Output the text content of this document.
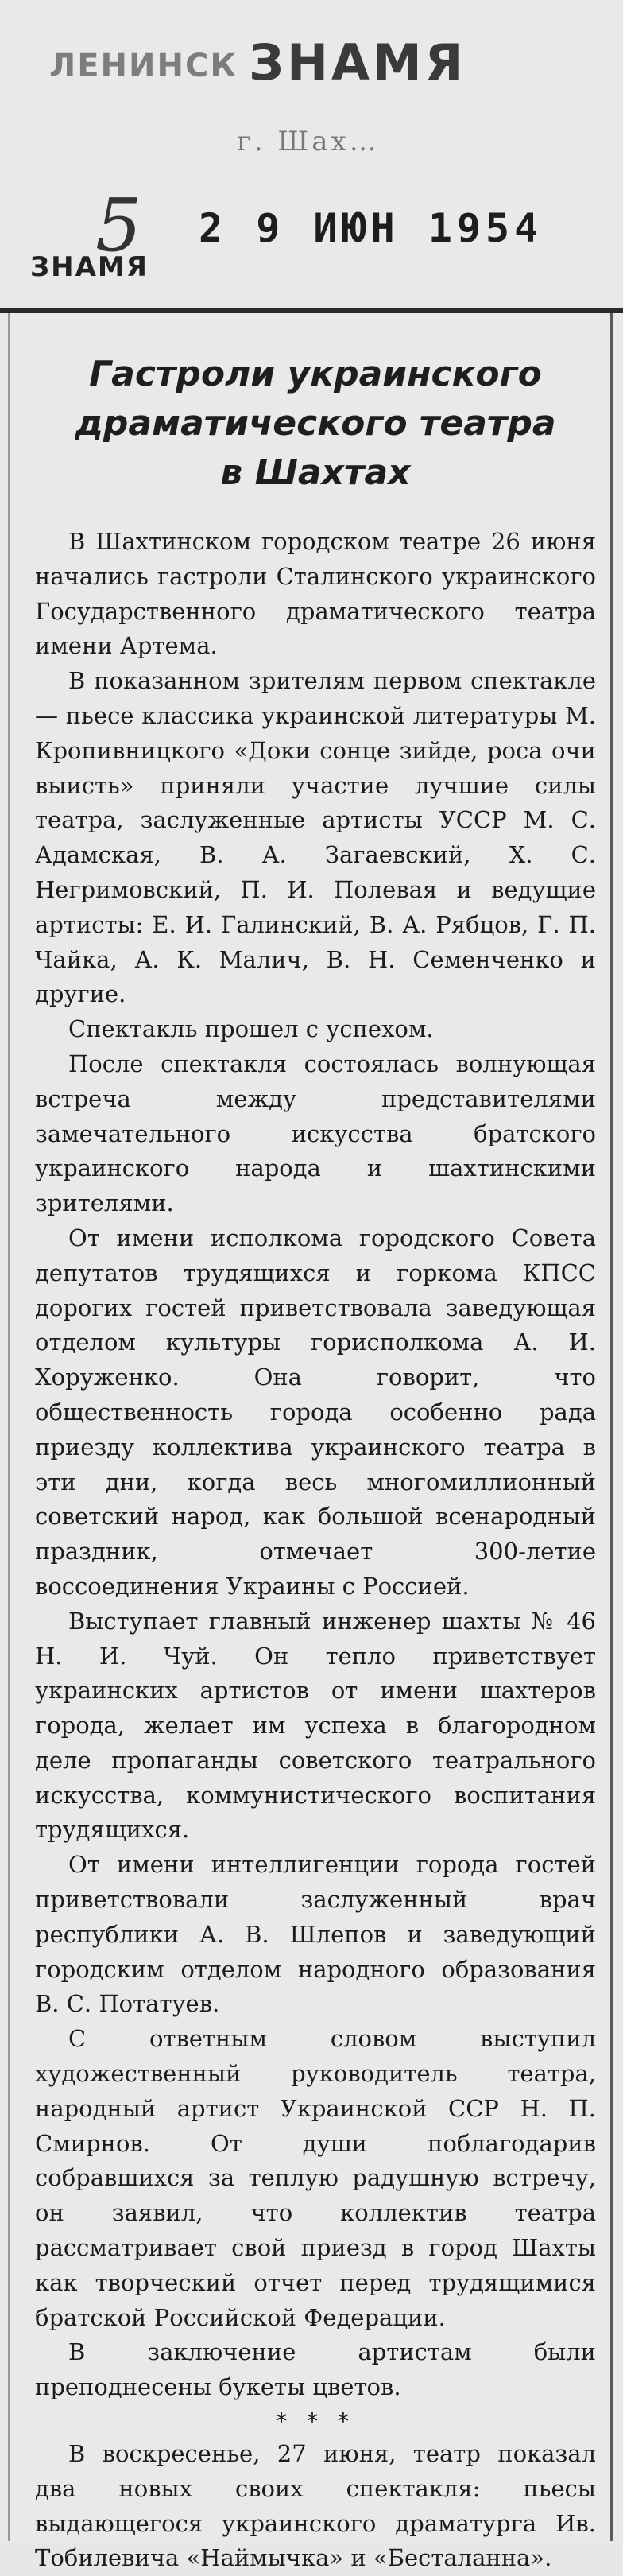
ЛЕНИНСК ЗНАМЯ
г. Шах…
5 2 9 ИЮН 1954
ЗНАМЯ
Гастроли украинского
драматического театра
в Шахтах

В Шахтинском городском театре 26 июня начались гастроли Сталинского украинского Государственного драматического театра имени Артема.

В показанном зрителям первом спектакле — пьесе классика украинской литературы М. Кропивницкого «Доки сонце зийде, роса очи выисть» приняли участие лучшие силы театра, заслуженные артисты УССР М. С. Адамская, В. А. Загаевский, Х. С. Негримовский, П. И. Полевая и ведущие артисты: Е. И. Галинский, В. А. Рябцов, Г. П. Чайка, А. К. Малич, В. Н. Семенченко и другие.

Спектакль прошел с успехом.

После спектакля состоялась волнующая встреча между представителями замечательного искусства братского украинского народа и шахтинскими зрителями.

От имени исполкома городского Совета депутатов трудящихся и горкома КПСС дорогих гостей приветствовала заведующая отделом культуры горисполкома А. И. Хоруженко. Она говорит, что общественность города особенно рада приезду коллектива украинского театра в эти дни, когда весь многомиллионный советский народ, как большой всенародный праздник, отмечает 300-летие воссоединения Украины с Россией.

Выступает главный инженер шахты № 46 Н. И. Чуй. Он тепло приветствует украинских артистов от имени шахтеров города, желает им успеха в благородном деле пропаганды советского театрального искусства, коммунистического воспитания трудящихся.

От имени интеллигенции города гостей приветствовали заслуженный врач республики А. В. Шлепов и заведующий городским отделом народного образования В. С. Потатуев.

С ответным словом выступил художественный руководитель театра, народный артист Украинской ССР Н. П. Смирнов. От души поблагодарив собравшихся за теплую радушную встречу, он заявил, что коллектив театра рассматривает свой приезд в город Шахты как творческий отчет перед трудящимися братской Российской Федерации.

В заключение артистам были преподнесены букеты цветов.

* * *

В воскресенье, 27 июня, театр показал два новых своих спектакля: пьесы выдающегося украинского драматурга Ив. Тобилевича «Наймычка» и «Бесталанна».
